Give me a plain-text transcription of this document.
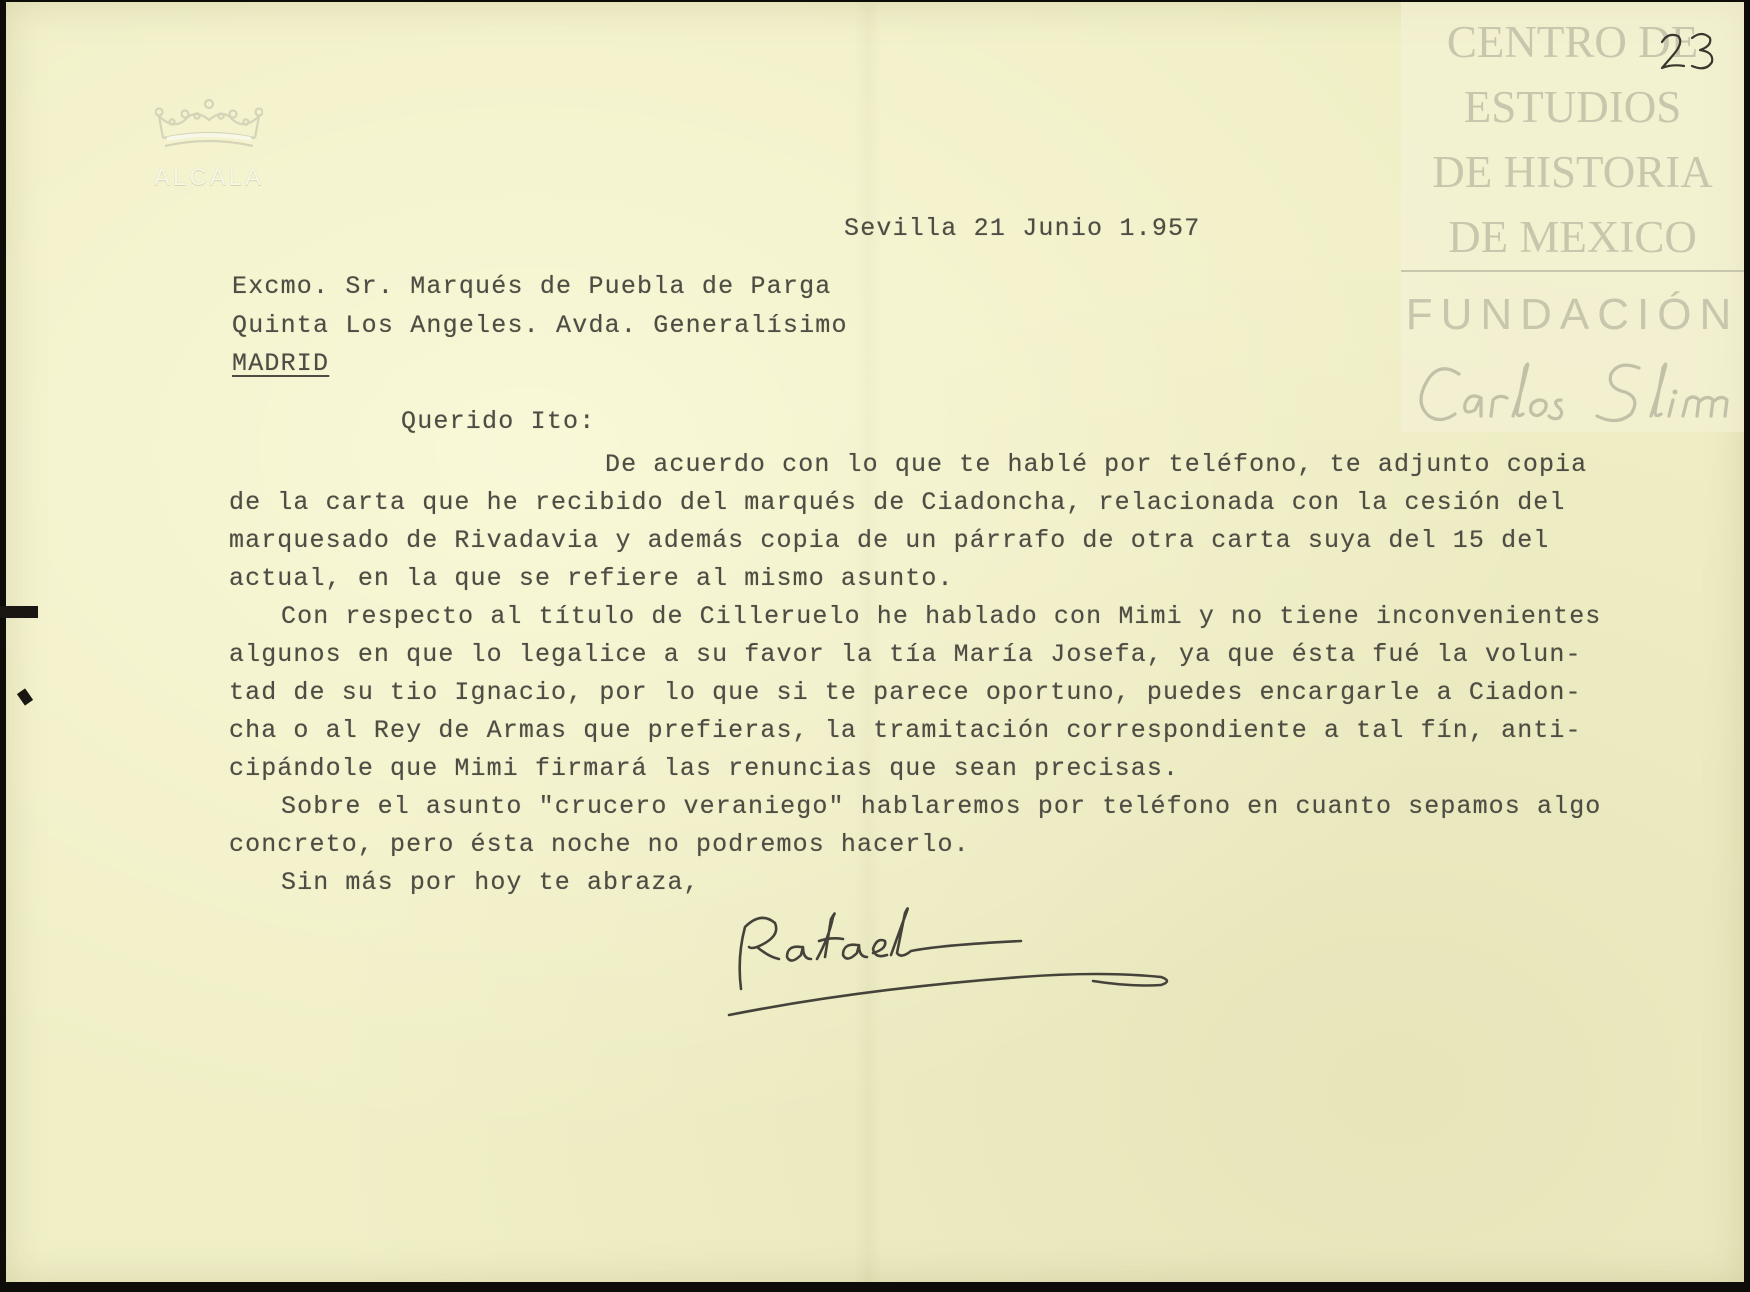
ALCALA
CENTRO DE
ESTUDIOS
DE HISTORIA
DE MEXICO
FUNDACIÓN
Sevilla 21 Junio 1.957
Excmo. Sr. Marqués de Puebla de Parga
Quinta Los Angeles. Avda. Generalísimo
MADRID
Querido Ito:
De acuerdo con lo que te hablé por teléfono, te adjunto copia
de la carta que he recibido del marqués de Ciadoncha, relacionada con la cesión del
marquesado de Rivadavia y además copia de un párrafo de otra carta suya del 15 del
actual, en la que se refiere al mismo asunto.
Con respecto al título de Cilleruelo he hablado con Mimi y no tiene inconvenientes
algunos en que lo legalice a su favor la tía María Josefa, ya que ésta fué la volun-
tad de su tio Ignacio, por lo que si te parece oportuno, puedes encargarle a Ciadon-
cha o al Rey de Armas que prefieras, la tramitación correspondiente a tal fín, anti-
cipándole que Mimi firmará las renuncias que sean precisas.
Sobre el asunto "crucero veraniego" hablaremos por teléfono en cuanto sepamos algo
concreto, pero ésta noche no podremos hacerlo.
Sin más por hoy te abraza,
